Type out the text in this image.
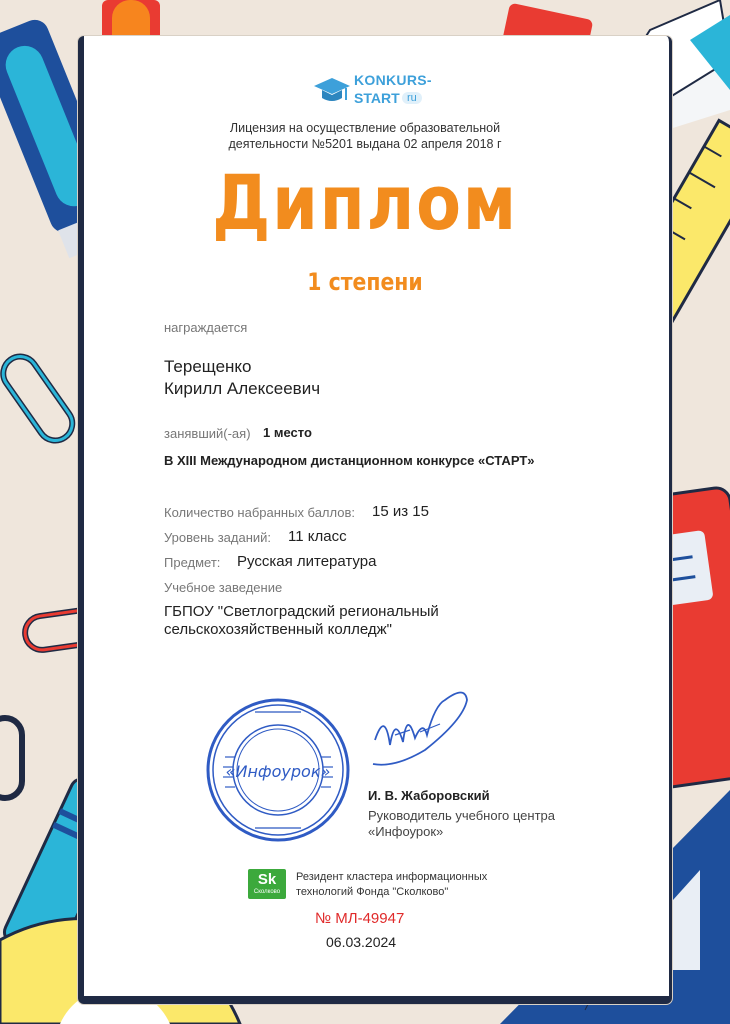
KONKURS-
START ru
Лицензия на осуществление образовательной деятельности №5201 выдана 02 апреля 2018 г
Диплом
1 степени
награждается
Терещенко
Кирилл Алексеевич
занявший(-ая) 1 место
В XIII Международном дистанционном конкурсе «СТАРТ»
Количество набранных баллов: 15 из 15
Уровень заданий: 11 класс
Предмет: Русская литература
Учебное заведение
ГБПОУ "Светлоградский региональный
сельскохозяйственный колледж"
«Инфоурок»
И. В. Жаборовский
Руководитель учебного центра
«Инфоурок»
Sk
Сколково
Резидент кластера информационных
технологий Фонда "Сколково"
№ МЛ-49947
06.03.2024
